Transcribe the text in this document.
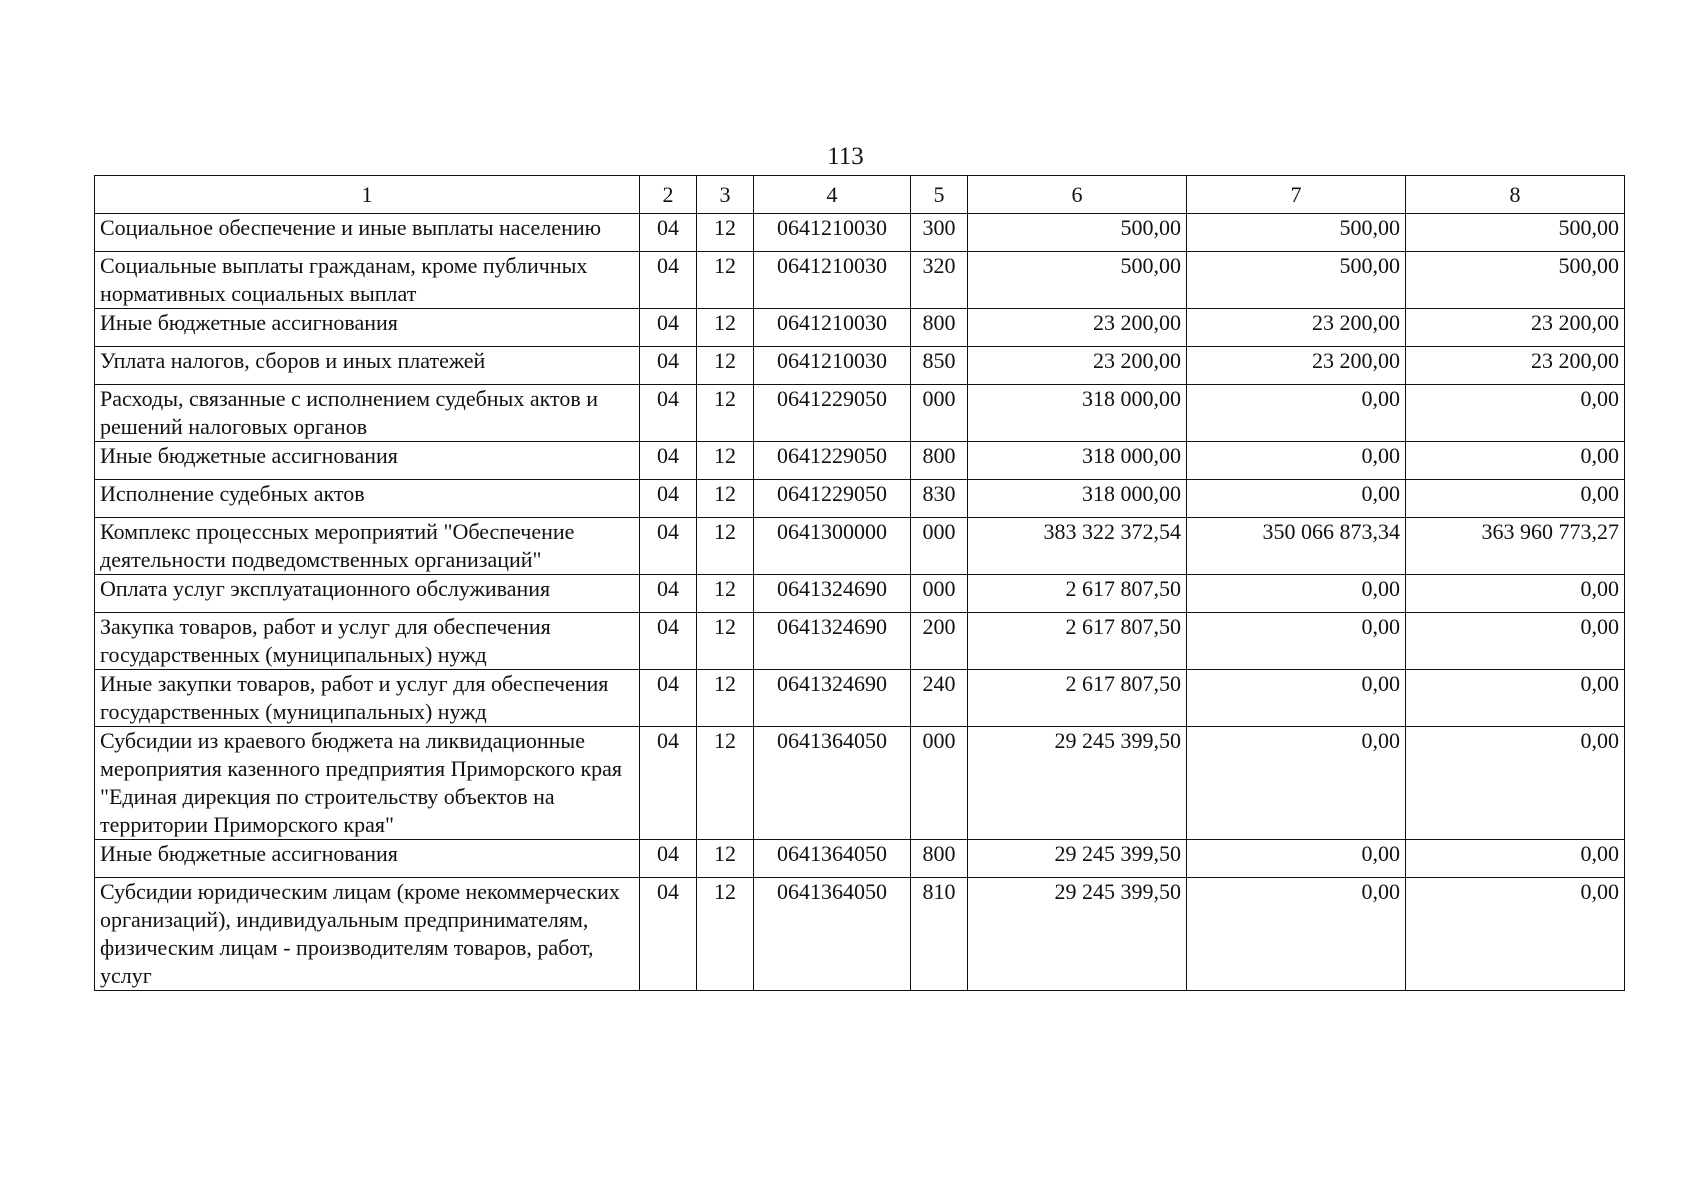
113
1	2	3	4	5	6	7	8
Социальное обеспечение и иные выплаты населению	04	12	0641210030	300	500,00	500,00	500,00
Социальные выплаты гражданам, кроме публичных нормативных социальных выплат	04	12	0641210030	320	500,00	500,00	500,00
Иные бюджетные ассигнования	04	12	0641210030	800	23 200,00	23 200,00	23 200,00
Уплата налогов, сборов и иных платежей	04	12	0641210030	850	23 200,00	23 200,00	23 200,00
Расходы, связанные с исполнением судебных актов и решений налоговых органов	04	12	0641229050	000	318 000,00	0,00	0,00
Иные бюджетные ассигнования	04	12	0641229050	800	318 000,00	0,00	0,00
Исполнение судебных актов	04	12	0641229050	830	318 000,00	0,00	0,00
Комплекс процессных мероприятий "Обеспечение деятельности подведомственных организаций"	04	12	0641300000	000	383 322 372,54	350 066 873,34	363 960 773,27
Оплата услуг эксплуатационного обслуживания	04	12	0641324690	000	2 617 807,50	0,00	0,00
Закупка товаров, работ и услуг для обеспечения государственных (муниципальных) нужд	04	12	0641324690	200	2 617 807,50	0,00	0,00
Иные закупки товаров, работ и услуг для обеспечения государственных (муниципальных) нужд	04	12	0641324690	240	2 617 807,50	0,00	0,00
Субсидии из краевого бюджета на ликвидационные мероприятия казенного предприятия Приморского края "Единая дирекция по строительству объектов на территории Приморского края"	04	12	0641364050	000	29 245 399,50	0,00	0,00
Иные бюджетные ассигнования	04	12	0641364050	800	29 245 399,50	0,00	0,00
Субсидии юридическим лицам (кроме некоммерческих организаций), индивидуальным предпринимателям, физическим лицам - производителям товаров, работ, услуг	04	12	0641364050	810	29 245 399,50	0,00	0,00
